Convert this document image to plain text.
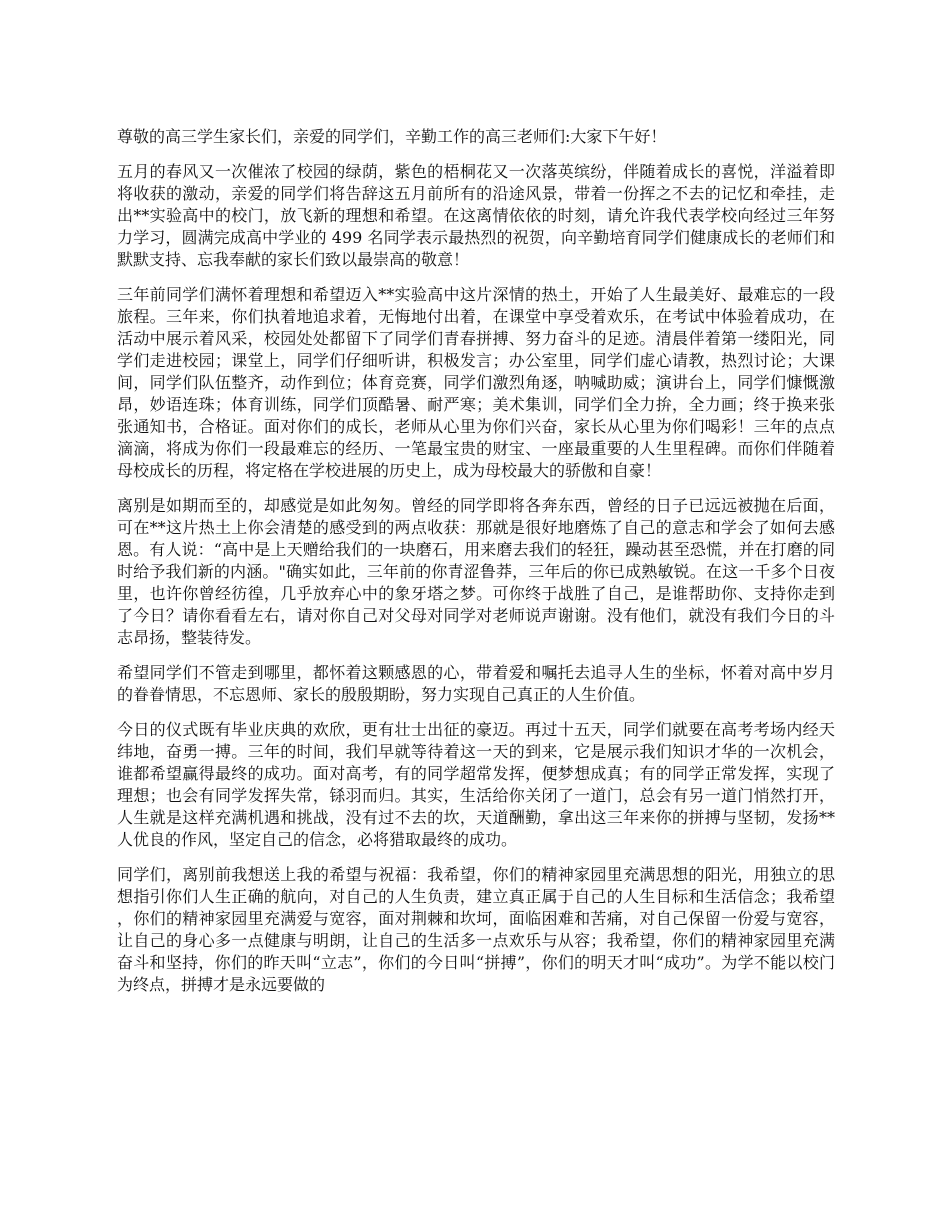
尊敬的高三学生家长们，亲爱的同学们，辛勤工作的高三老师们:大家下午好！

五月的春风又一次催浓了校园的绿荫，紫色的梧桐花又一次落英缤纷，伴随着成长的喜悦，洋溢着即将收获的激动，亲爱的同学们将告辞这五月前所有的沿途风景，带着一份挥之不去的记忆和牵挂，走出**实验高中的校门，放飞新的理想和希望。在这离情依依的时刻，请允许我代表学校向经过三年努力学习，圆满完成高中学业的 499 名同学表示最热烈的祝贺，向辛勤培育同学们健康成长的老师们和默默支持、忘我奉献的家长们致以最崇高的敬意！

三年前同学们满怀着理想和希望迈入**实验高中这片深情的热土，开始了人生最美好、最难忘的一段旅程。三年来，你们执着地追求着，无悔地付出着，在课堂中享受着欢乐，在考试中体验着成功，在活动中展示着风采，校园处处都留下了同学们青春拼搏、努力奋斗的足迹。清晨伴着第一缕阳光，同学们走进校园；课堂上，同学们仔细听讲，积极发言；办公室里，同学们虚心请教，热烈讨论；大课间，同学们队伍整齐，动作到位；体育竞赛，同学们激烈角逐，呐喊助威；演讲台上，同学们慷慨激昂，妙语连珠；体育训练，同学们顶酷暑、耐严寒；美术集训，同学们全力拚，全力画；终于换来张张通知书，合格证。面对你们的成长，老师从心里为你们兴奋，家长从心里为你们喝彩！三年的点点滴滴，将成为你们一段最难忘的经历、一笔最宝贵的财宝、一座最重要的人生里程碑。而你们伴随着母校成长的历程，将定格在学校进展的历史上，成为母校最大的骄傲和自豪！

离别是如期而至的，却感觉是如此匆匆。曾经的同学即将各奔东西，曾经的日子已远远被抛在后面，可在**这片热土上你会清楚的感受到的两点收获：那就是很好地磨炼了自己的意志和学会了如何去感恩。有人说：“高中是上天赠给我们的一块磨石，用来磨去我们的轻狂，躁动甚至恐慌，并在打磨的同时给予我们新的内涵。"确实如此，三年前的你青涩鲁莽，三年后的你已成熟敏锐。在这一千多个日夜里，也许你曾经彷徨，几乎放弃心中的象牙塔之梦。可你终于战胜了自己，是谁帮助你、支持你走到了今日？请你看看左右，请对你自己对父母对同学对老师说声谢谢。没有他们，就没有我们今日的斗志昂扬，整装待发。

希望同学们不管走到哪里，都怀着这颗感恩的心，带着爱和嘱托去追寻人生的坐标，怀着对高中岁月的眷眷情思，不忘恩师、家长的殷殷期盼，努力实现自己真正的人生价值。

今日的仪式既有毕业庆典的欢欣，更有壮士出征的豪迈。再过十五天，同学们就要在高考考场内经天纬地，奋勇一搏。三年的时间，我们早就等待着这一天的到来，它是展示我们知识才华的一次机会，谁都希望赢得最终的成功。面对高考，有的同学超常发挥，便梦想成真；有的同学正常发挥，实现了理想；也会有同学发挥失常，铩羽而归。其实，生活给你关闭了一道门，总会有另一道门悄然打开，人生就是这样充满机遇和挑战，没有过不去的坎，天道酬勤，拿出这三年来你的拼搏与坚韧，发扬**人优良的作风，坚定自己的信念，必将猎取最终的成功。

同学们，离别前我想送上我的希望与祝福：我希望，你们的精神家园里充满思想的阳光，用独立的思想指引你们人生正确的航向，对自己的人生负责，建立真正属于自己的人生目标和生活信念；我希望，你们的精神家园里充满爱与宽容，面对荆棘和坎坷，面临困难和苦痛，对自己保留一份爱与宽容，让自己的身心多一点健康与明朗，让自己的生活多一点欢乐与从容；我希望，你们的精神家园里充满奋斗和坚持，你们的昨天叫“立志”，你们的今日叫“拼搏”，你们的明天才叫“成功”。为学不能以校门为终点，拼搏才是永远要做的
